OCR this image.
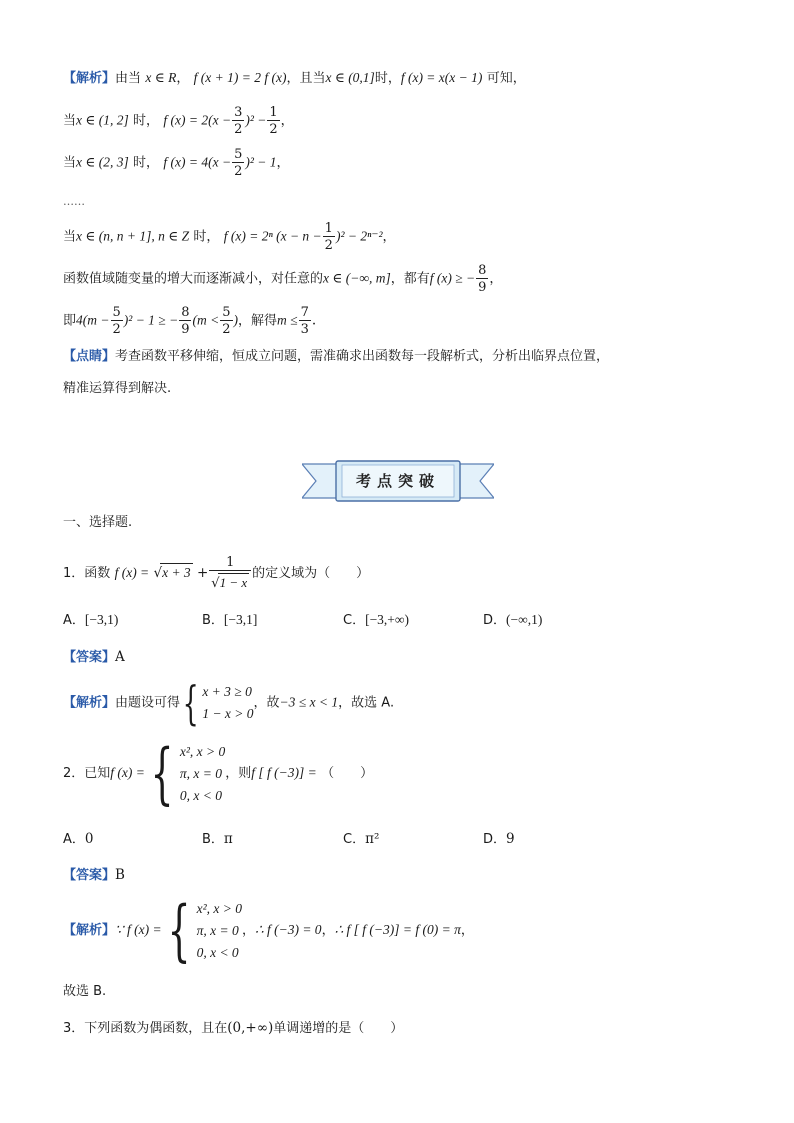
【解析】由当 x ∈ R， f (x + 1) = 2 f (x)，且当x ∈ (0,1]时，f (x) = x(x − 1) 可知，
当x ∈ (1, 2] 时， f $(x) = 2(x - \frac{3}{2} )^2 - \frac{1}{2}$ ，
当x ∈ (2, 3] 时， f $(x) = 4(x - \frac{5}{2} )^2 - 1$，
……
当x ∈ (n, n + 1], n ∈ Z 时， f (x) = 2ⁿ $(x - n - \frac{1}{2} )^2 - 2^{n-2}$，
函数值域随变量的增大而逐渐减小，对任意的x ∈ (−∞, m]，都有f (x) ≥ − $\frac{8}{9}$ ，
即$4(m - \frac{5}{2} )^2 - 1$ ≥ − $\frac{8}{9} (m < \frac{5}{2}$ )，解得$m \le \frac{7}{3}$ .
【点睛】考查函数平移伸缩，恒成立问题，需准确求出函数每一段解析式，分析出临界点位置，
精准运算得到解决.
考点突破
一、选择题.
1．函数 f $(x) = √x + 3 + \frac{1}{√1 - x}$ 的定义域为（　　）
A．[−3,1)	B．[−3,1]	C．[−3,+∞)	D．(−∞,1)
【答案】A
【解析】由题设可得{ x + 3 ≥ 0
1 − x > 0
，故−3 ≤ x < 1，故选 A.
2．已知f (x) ={ x², x > 0
π, x = 0
0, x < 0
，则f [ f (−3)] = （　　）
A．0	B．π	C．π²	D．9
【答案】B
【解析】∵ f (x) ={ x², x > 0
π, x = 0
0, x < 0
，∴ f (−3) = 0，∴ f [ f (−3)] = f (0) = π，
故选 B.
3．下列函数为偶函数，且在(0,+∞)单调递增的是（　　）
